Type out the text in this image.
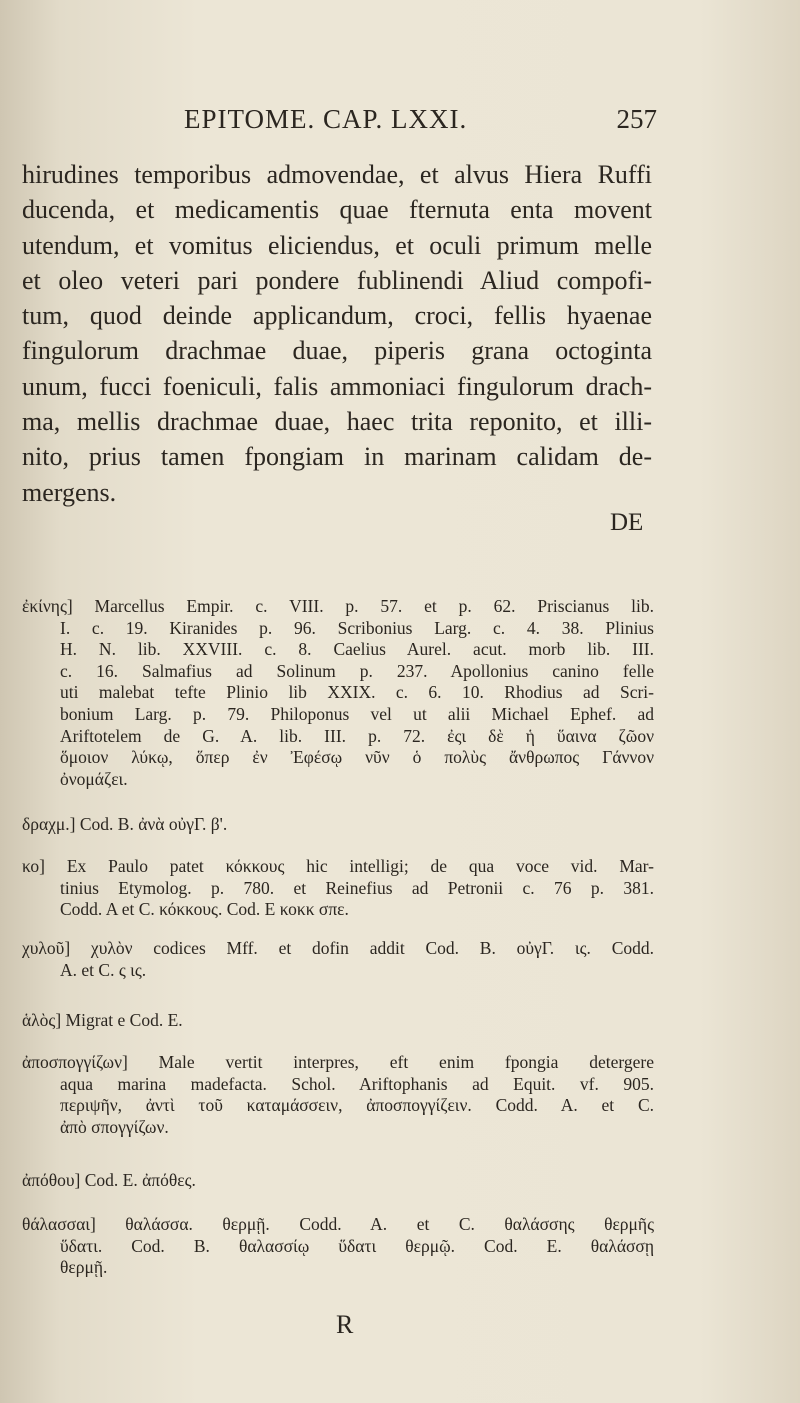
EPITOME. CAP. LXXI.	257
hirudines temporibus admovendae, et alvus Hiera Ruffi
ducenda, et medicamentis quae fternuta enta movent
utendum, et vomitus eliciendus, et oculi primum melle
et oleo veteri pari pondere fublinendi Aliud compofi-
tum, quod deinde applicandum, croci, fellis hyaenae
fingulorum drachmae duae, piperis grana octoginta
unum, fucci foeniculi, falis ammoniaci fingulorum drach-
ma, mellis drachmae duae, haec trita reponito, et illi-
nito, prius tamen fpongiam in marinam calidam de-
mergens.
DE
ἐκίνης] Marcellus Empir. c. VIII. p. 57. et p. 62. Priscianus lib.
I. c. 19. Kiranides p. 96. Scribonius Larg. c. 4. 38. Plinius
H. N. lib. XXVIII. c. 8. Caelius Aurel. acut. morb lib. III.
c. 16. Salmafius ad Solinum p. 237. Apollonius canino felle
uti malebat tefte Plinio lib XXIX. c. 6. 10. Rhodius ad Scri-
bonium Larg. p. 79. Philoponus vel ut alii Michael Ephef. ad
Ariftotelem de G. A. lib. III. p. 72. ἐςι δὲ ἡ ὕαινα ζῶον
ὅμοιον λύκῳ, ὅπερ ἐν Ἐφέσῳ νῦν ὁ πολὺς ἄνθρωπος Γάννον
ὀνομάζει.
δραχμ.] Cod. B. ἀνὰ οὐγΓ. β'.
κο] Ex Paulo patet κόκκους hic intelligi; de qua voce vid. Mar-
tinius Etymolog. p. 780. et Reinefius ad Petronii c. 76 p. 381.
Codd. A et C. κόκκους. Cod. E κοκκ σπε.
χυλοῦ] χυλὸν codices Mff. et dofin addit Cod. B. οὐγΓ. ις. Codd.
A. et C. ς ις.
ἁλὸς] Migrat e Cod. E.
ἀποσπογγίζων] Male vertit interpres, eft enim fpongia detergere
aqua marina madefacta. Schol. Ariftophanis ad Equit. vf. 905.
περιψῆν, ἀντὶ τοῦ καταμάσσειν, ἀποσπογγίζειν. Codd. A. et C.
ἀπὸ σπογγίζων.
ἀπόθου] Cod. E. ἀπόθες.
θάλασσαι] θαλάσσα. θερμῇ. Codd. A. et C. θαλάσσης θερμῆς
ὕδατι. Cod. B. θαλασσίῳ ὕδατι θερμῷ. Cod. E. θαλάσσῃ
θερμῇ.
R
